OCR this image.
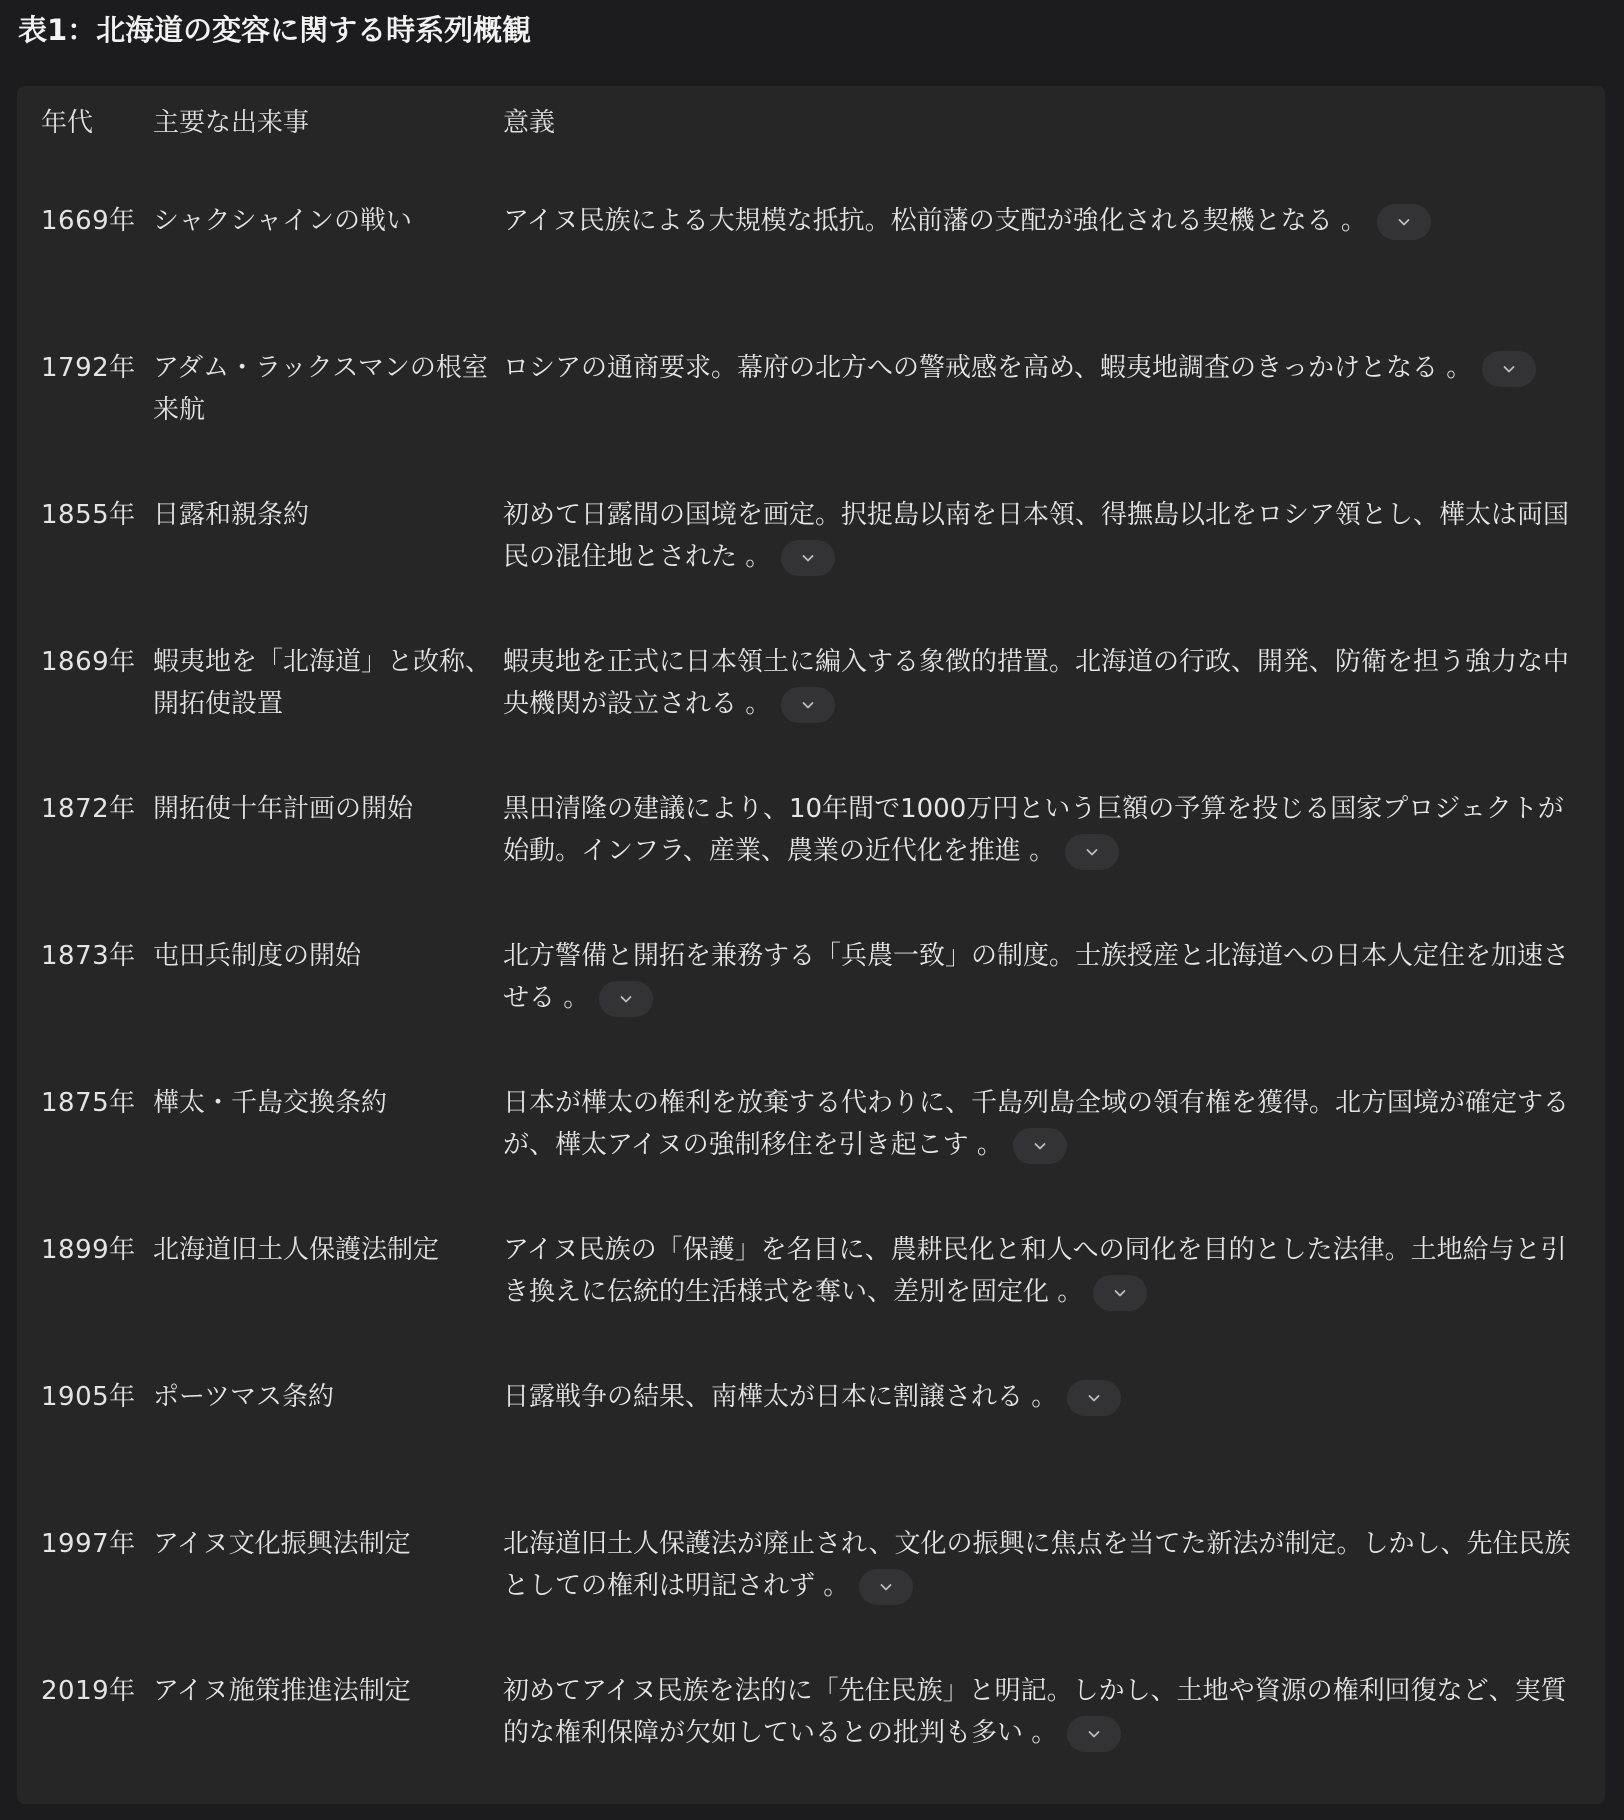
表1：北海道の変容に関する時系列概観
年代	主要な出来事	意義
1669年	シャクシャインの戦い	アイヌ民族による大規模な抵抗。松前藩の支配が強化される契機となる 。

1792年	アダム・ラックスマンの根室来航	ロシアの通商要求。幕府の北方への警戒感を高め、蝦夷地調査のきっかけとなる 。

1855年	日露和親条約	初めて日露間の国境を画定。択捉島以南を日本領、得撫島以北をロシア領とし、樺太は両国民の混住地とされた 。

1869年	蝦夷地を「北海道」と改称、開拓使設置	蝦夷地を正式に日本領土に編入する象徴的措置。北海道の行政、開発、防衛を担う強力な中央機関が設立される 。

1872年	開拓使十年計画の開始	黒田清隆の建議により、10年間で1000万円という巨額の予算を投じる国家プロジェクトが始動。インフラ、産業、農業の近代化を推進 。

1873年	屯田兵制度の開始	北方警備と開拓を兼務する「兵農一致」の制度。士族授産と北海道への日本人定住を加速させる 。

1875年	樺太・千島交換条約	日本が樺太の権利を放棄する代わりに、千島列島全域の領有権を獲得。北方国境が確定するが、樺太アイヌの強制移住を引き起こす 。

1899年	北海道旧土人保護法制定	アイヌ民族の「保護」を名目に、農耕民化と和人への同化を目的とした法律。土地給与と引き換えに伝統的生活様式を奪い、差別を固定化 。

1905年	ポーツマス条約	日露戦争の結果、南樺太が日本に割譲される 。

1997年	アイヌ文化振興法制定	北海道旧土人保護法が廃止され、文化の振興に焦点を当てた新法が制定。しかし、先住民族としての権利は明記されず 。

2019年	アイヌ施策推進法制定	初めてアイヌ民族を法的に「先住民族」と明記。しかし、土地や資源の権利回復など、実質的な権利保障が欠如しているとの批判も多い 。
